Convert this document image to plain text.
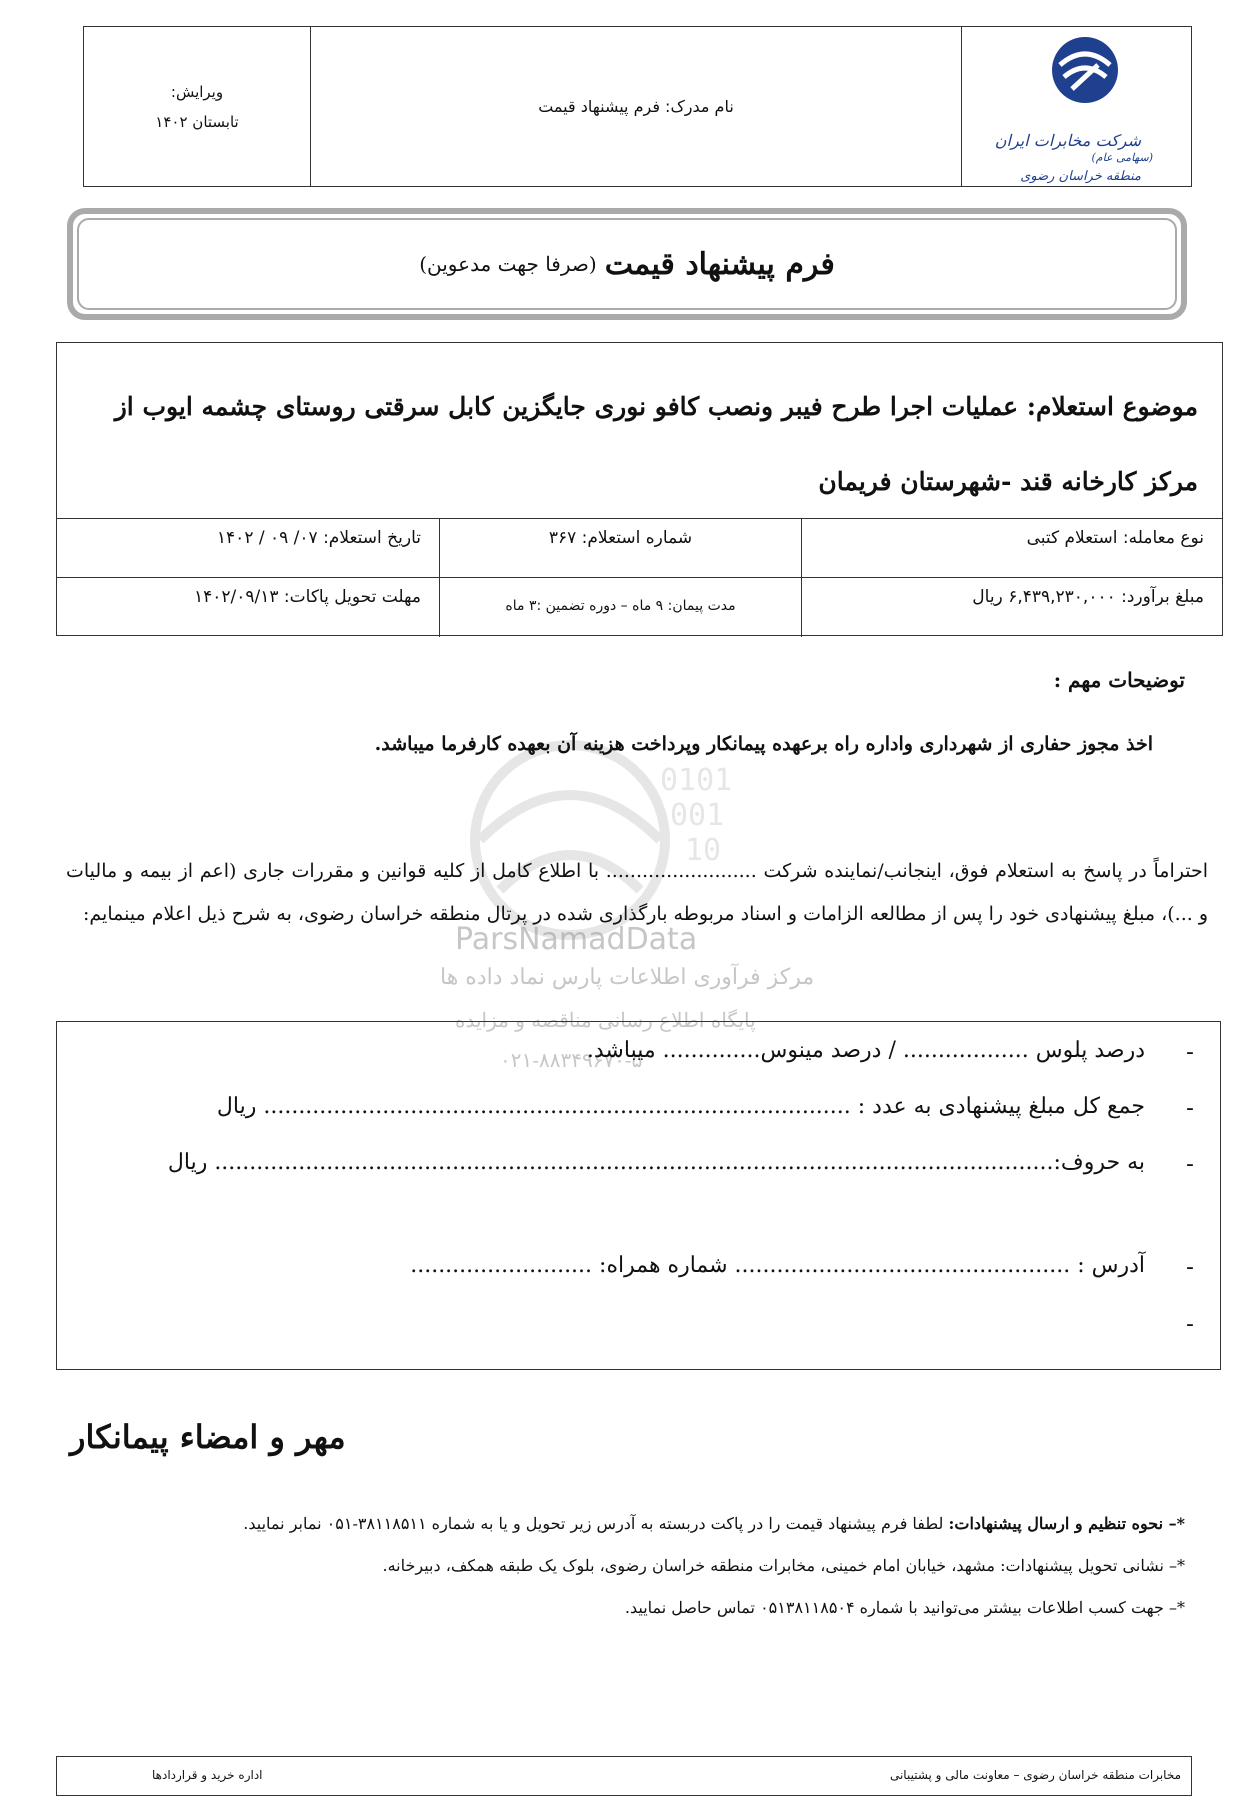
0101
001
10
ParsNamadData
مرکز فرآوری اطلاعات پارس نماد داده ها
پایگاه اطلاع رسانی مناقصه و مزایده
۰۲۱-۸۸۳۴۹۶۷۰-۵
شرکت مخابرات ایران
(سهامی عام)
منطقه خراسان رضوی
نام مدرک: فرم پیشنهاد قیمت
ویرایش:
تابستان ۱۴۰۲
فرم پیشنهاد قیمت
(صرفا جهت مدعوین)
موضوع استعلام: عملیات اجرا طرح فیبر ونصب کافو نوری جایگزین کابل سرقتی روستای چشمه ایوب از مرکز کارخانه قند -شهرستان فریمان
نوع معامله: استعلام کتبی
شماره استعلام: ۳۶۷
تاریخ استعلام: ۰۷/ ۰۹ / ۱۴۰۲
مبلغ برآورد: ۶,۴۳۹,۲۳۰,۰۰۰ ریال
مدت پیمان: ۹ ماه – دوره تضمین :۳ ماه
مهلت تحویل پاکات: ۱۴۰۲/۰۹/۱۳
توضیحات مهم :
اخذ مجوز حفاری از شهرداری واداره راه برعهده پیمانکار وپرداخت هزینه آن بعهده کارفرما میباشد.
احتراماً در پاسخ به استعلام فوق، اینجانب/نماینده شرکت ......................... با اطلاع کامل از کلیه قوانین و مقررات جاری (اعم از بیمه و مالیات و ...)، مبلغ پیشنهادی خود را پس از مطالعه الزامات و اسناد مربوطه بارگذاری شده در پرتال منطقه خراسان رضوی، به شرح ذیل اعلام مینمایم:
-
درصد پلوس .................. / درصد مینوس.............. میباشد.
-
جمع کل مبلغ پیشنهادی به عدد : .................................................................................... ریال
-
به حروف:........................................................................................................................ ریال
-
آدرس : ................................................ شماره همراه: ..........................
-
مهر و امضاء پیمانکار
*– نحوه تنظیم و ارسال پیشنهادات: لطفا فرم پیشنهاد قیمت را در پاکت دربسته به آدرس زیر تحویل و یا به شماره ۳۸۱۱۸۵۱۱-۰۵۱ نمابر نمایید.
*– نشانی تحویل پیشنهادات: مشهد، خیابان امام خمینی، مخابرات منطقه خراسان رضوی، بلوک یک طبقه همکف، دبیرخانه.
*– جهت کسب اطلاعات بیشتر می‌توانید با شماره ۰۵۱۳۸۱۱۸۵۰۴ تماس حاصل نمایید.
مخابرات منطقه خراسان رضوی – معاونت مالی و پشتیبانی
اداره خرید و قراردادها
